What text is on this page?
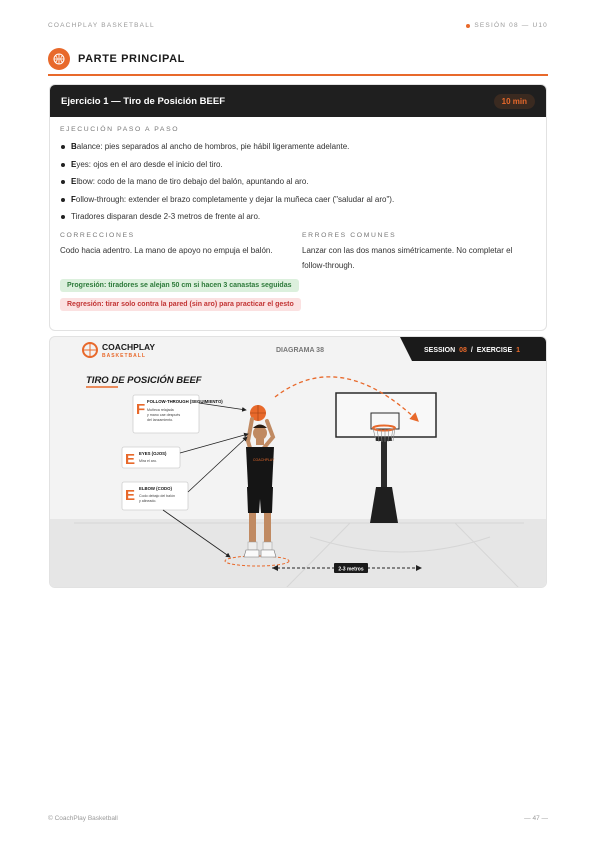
COACHPLAY BASKETBALL	SESIÓN 08 — U10
PARTE PRINCIPAL
Ejercicio 1 — Tiro de Posición BEEF	10 min
EJECUCIÓN PASO A PASO
Balance: pies separados al ancho de hombros, pie hábil ligeramente adelante.
Eyes: ojos en el aro desde el inicio del tiro.
Elbow: codo de la mano de tiro debajo del balón, apuntando al aro.
Follow-through: extender el brazo completamente y dejar la muñeca caer ("saludar al aro").
Tiradores disparan desde 2-3 metros de frente al aro.
CORRECCIONES

Codo hacia adentro. La mano de apoyo no empuja el balón.

ERRORES COMUNES

Lanzar con las dos manos simétricamente. No completar el follow-through.

Progresión: tiradores se alejan 50 cm si hacen 3 canastas seguidas
Regresión: tirar solo contra la pared (sin aro) para practicar el gesto
COACHPLAY
BASKETBALL
DIAGRAMA 38	SESSION 08 / EXERCISE 1
TIRO DE POSICIÓN BEEF
COACHPLAY
F FOLLOW-THROUGH (SEGUIMIENTO)
Muñeca relajada
y mano cae después
del lanzamiento.
E EYES (OJOS)
Mira el aro.
E ELBOW (CODO)
Codo debajo del balón
y alineado.
2-3 metros
© CoachPlay Basketball	— 47 —
